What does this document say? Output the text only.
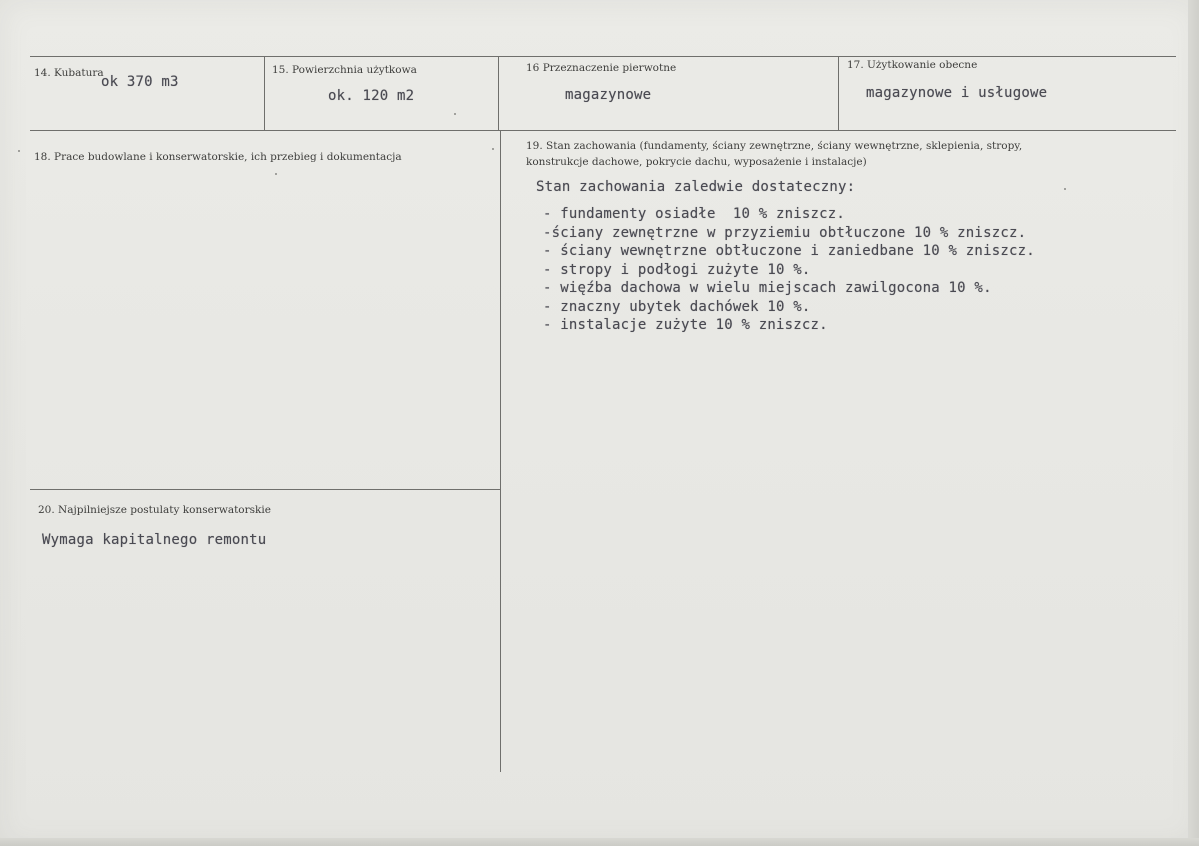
14. Kubatura
ok 370 m3
15. Powierzchnia użytkowa
ok. 120 m2
16 Przeznaczenie pierwotne
magazynowe
17. Użytkowanie obecne
magazynowe i usługowe
18. Prace budowlane i konserwatorskie, ich przebieg i dokumentacja
19. Stan zachowania (fundamenty, ściany zewnętrzne, ściany wewnętrzne, sklepienia, stropy,
konstrukcje dachowe, pokrycie dachu, wyposażenie i instalacje)
Stan zachowania zaledwie dostateczny:
- fundamenty osiadłe  10 % zniszcz.
-ściany zewnętrzne w przyziemiu obtłuczone 10 % zniszcz.
- ściany wewnętrzne obtłuczone i zaniedbane 10 % zniszcz.
- stropy i podłogi zużyte 10 %.
- więźba dachowa w wielu miejscach zawilgocona 10 %.
- znaczny ubytek dachówek 10 %.
- instalacje zużyte 10 % zniszcz.
20. Najpilniejsze postulaty konserwatorskie
Wymaga kapitalnego remontu
